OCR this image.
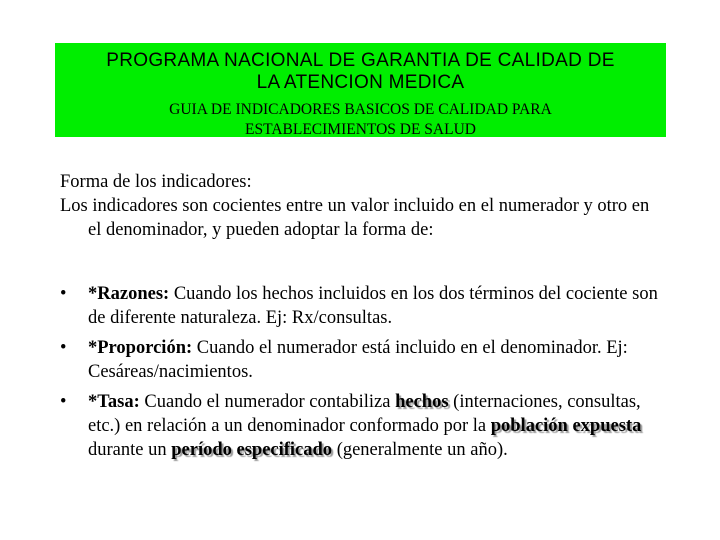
PROGRAMA NACIONAL DE GARANTIA DE CALIDAD DE
LA ATENCION MEDICA
GUIA DE INDICADORES BASICOS DE CALIDAD PARA
ESTABLECIMIENTOS DE SALUD

Forma de los indicadores:

Los indicadores son cocientes entre un valor incluido en el numerador y otro en el denominador, y pueden adoptar la forma de:

• *Razones: Cuando los hechos incluidos en los dos términos del cociente son de diferente naturaleza. Ej: Rx/consultas.
• *Proporción: Cuando el numerador está incluido en el denominador. Ej: Cesáreas/nacimientos.
• *Tasa: Cuando el numerador contabiliza hechos (internaciones, consultas, etc.) en relación a un denominador conformado por la población expuesta durante un período especificado (generalmente un año).
